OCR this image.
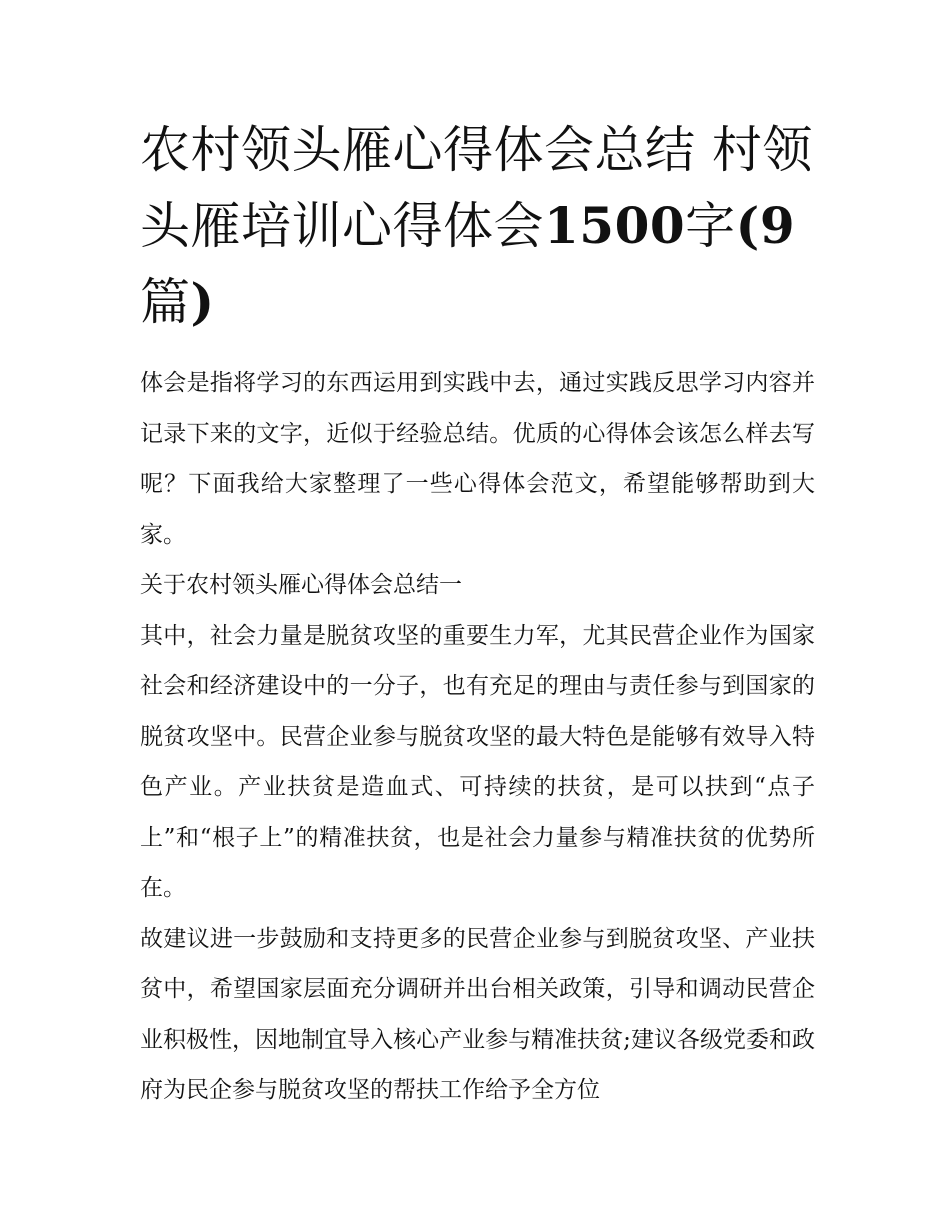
农村领头雁心得体会总结 村领头雁培训心得体会1500字(9篇)

体会是指将学习的东西运用到实践中去，通过实践反思学习内容并记录下来的文字，近似于经验总结。优质的心得体会该怎么样去写呢？下面我给大家整理了一些心得体会范文，希望能够帮助到大家。

关于农村领头雁心得体会总结一

其中，社会力量是脱贫攻坚的重要生力军，尤其民营企业作为国家社会和经济建设中的一分子，也有充足的理由与责任参与到国家的脱贫攻坚中。民营企业参与脱贫攻坚的最大特色是能够有效导入特色产业。产业扶贫是造血式、可持续的扶贫，是可以扶到“点子上”和“根子上”的精准扶贫，也是社会力量参与精准扶贫的优势所在。

故建议进一步鼓励和支持更多的民营企业参与到脱贫攻坚、产业扶贫中，希望国家层面充分调研并出台相关政策，引导和调动民营企业积极性，因地制宜导入核心产业参与精准扶贫;建议各级党委和政府为民企参与脱贫攻坚的帮扶工作给予全方位
